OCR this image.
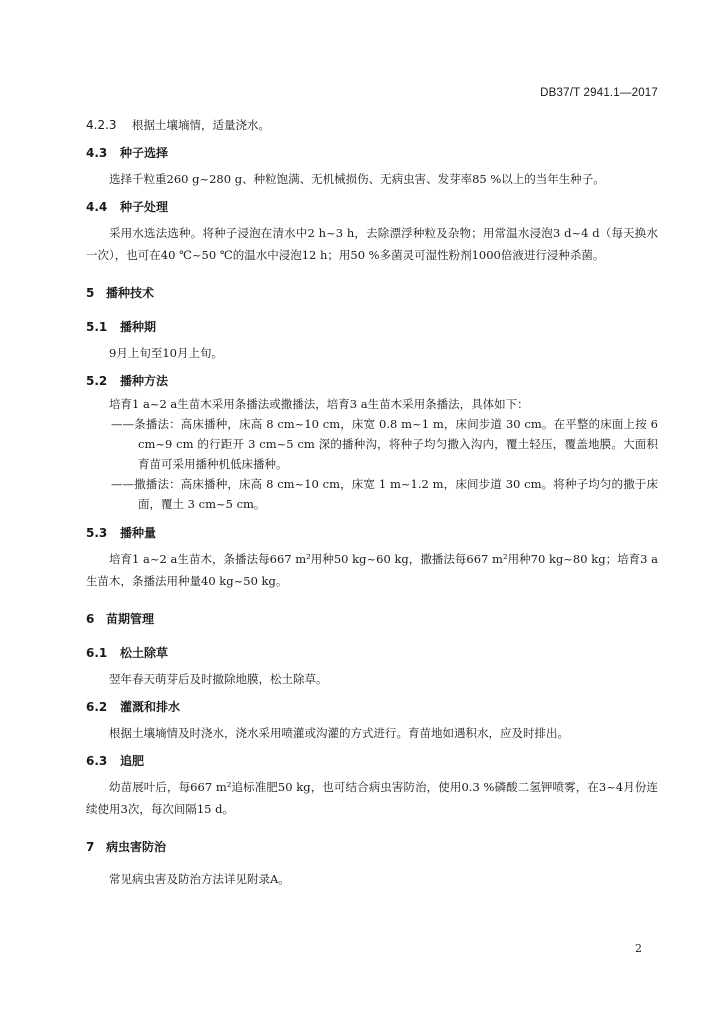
DB37/T 2941.1—2017

4.2.3 根据土壤墒情，适量浇水。

4.3 种子选择

选择千粒重260 g~280 g、种粒饱满、无机械损伤、无病虫害、发芽率85 %以上的当年生种子。

4.4 种子处理

采用水选法选种。将种子浸泡在清水中2 h~3 h，去除漂浮种粒及杂物；用常温水浸泡3 d~4 d（每天换水一次），也可在40 ℃~50 ℃的温水中浸泡12 h；用50 %多菌灵可湿性粉剂1000倍液进行浸种杀菌。

5 播种技术

5.1 播种期

9月上旬至10月上旬。

5.2 播种方法

培育1 a~2 a生苗木采用条播法或撒播法，培育3 a生苗木采用条播法，具体如下：

——条播法：高床播种，床高 8 cm~10 cm，床宽 0.8 m~1 m，床间步道 30 cm。在平整的床面上按 6 cm~9 cm 的行距开 3 cm~5 cm 深的播种沟，将种子均匀撒入沟内，覆土轻压，覆盖地膜。大面积育苗可采用播种机低床播种。

——撒播法：高床播种，床高 8 cm~10 cm，床宽 1 m~1.2 m，床间步道 30 cm。将种子均匀的撒于床面，覆土 3 cm~5 cm。

5.3 播种量

培育1 a~2 a生苗木，条播法每667 m²用种50 kg~60 kg，撒播法每667 m²用种70 kg~80 kg；培育3 a生苗木，条播法用种量40 kg~50 kg。

6 苗期管理

6.1 松土除草

翌年春天萌芽后及时撤除地膜，松土除草。

6.2 灌溉和排水

根据土壤墒情及时浇水，浇水采用喷灌或沟灌的方式进行。育苗地如遇积水，应及时排出。

6.3 追肥

幼苗展叶后，每667 m²追标准肥50 kg，也可结合病虫害防治，使用0.3 %磷酸二氢钾喷雾，在3~4月份连续使用3次，每次间隔15 d。

7 病虫害防治

常见病虫害及防治方法详见附录A。

2
